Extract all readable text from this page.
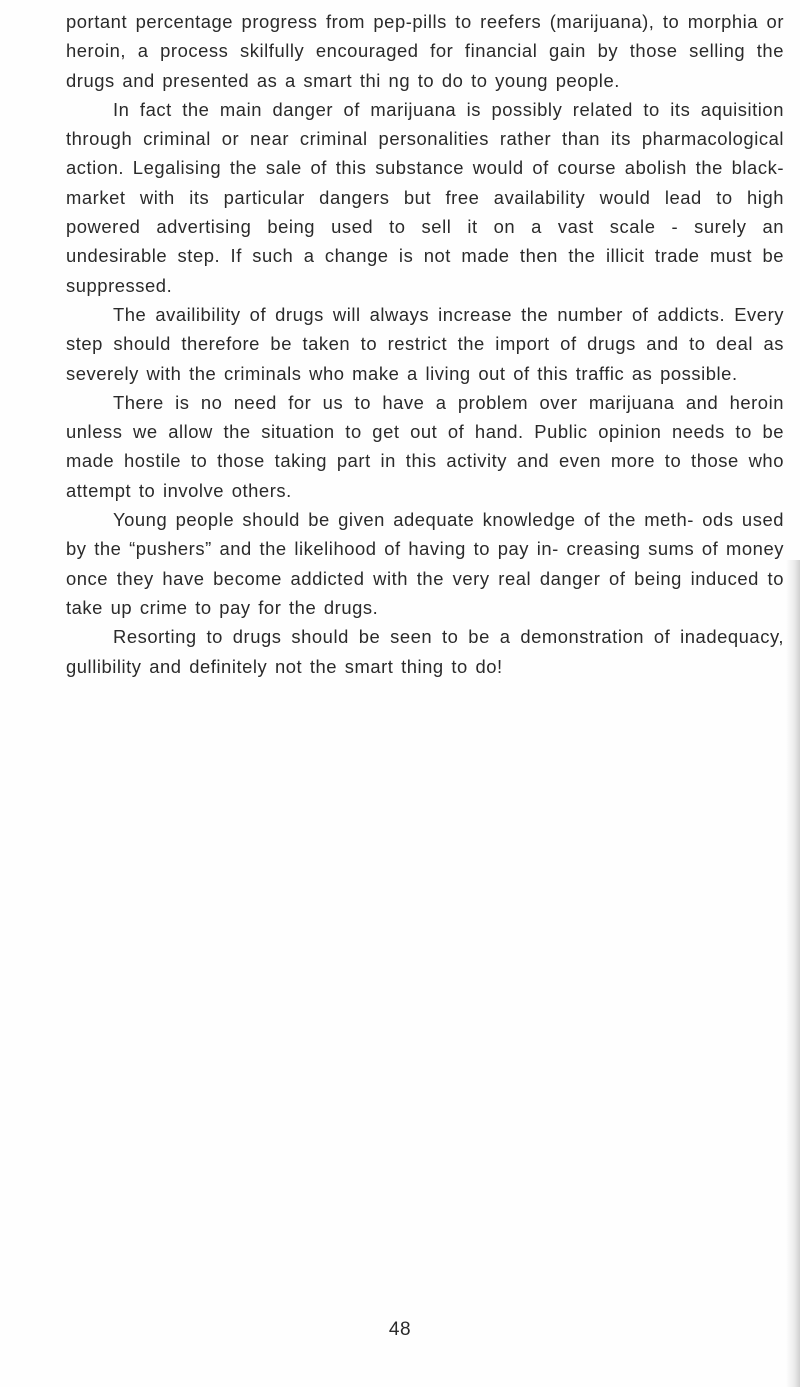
portant percentage progress from pep-pills to reefers (marijuana), to morphia or heroin, a process skilfully encouraged for financial gain by those selling the drugs and presented as a smart thi ng to do to young people.

In fact the main danger of marijuana is possibly related to its aquisition through criminal or near criminal personalities rather than its pharmacological action. Legalising the sale of this substance would of course abolish the black-market with its particular dangers but free availability would lead to high powered advertising being used to sell it on a vast scale - surely an undesirable step. If such a change is not made then the illicit trade must be suppressed.

The availibility of drugs will always increase the number of addicts. Every step should therefore be taken to restrict the import of drugs and to deal as severely with the criminals who make a living out of this traffic as possible.

There is no need for us to have a problem over marijuana and heroin unless we allow the situation to get out of hand. Public opinion needs to be made hostile to those taking part in this activity and even more to those who attempt to involve others.

Young people should be given adequate knowledge of the meth- ods used by the “pushers” and the likelihood of having to pay in- creasing sums of money once they have become addicted with the very real danger of being induced to take up crime to pay for the drugs.

Resorting to drugs should be seen to be a demonstration of inadequacy, gullibility and definitely not the smart thing to do!

48
